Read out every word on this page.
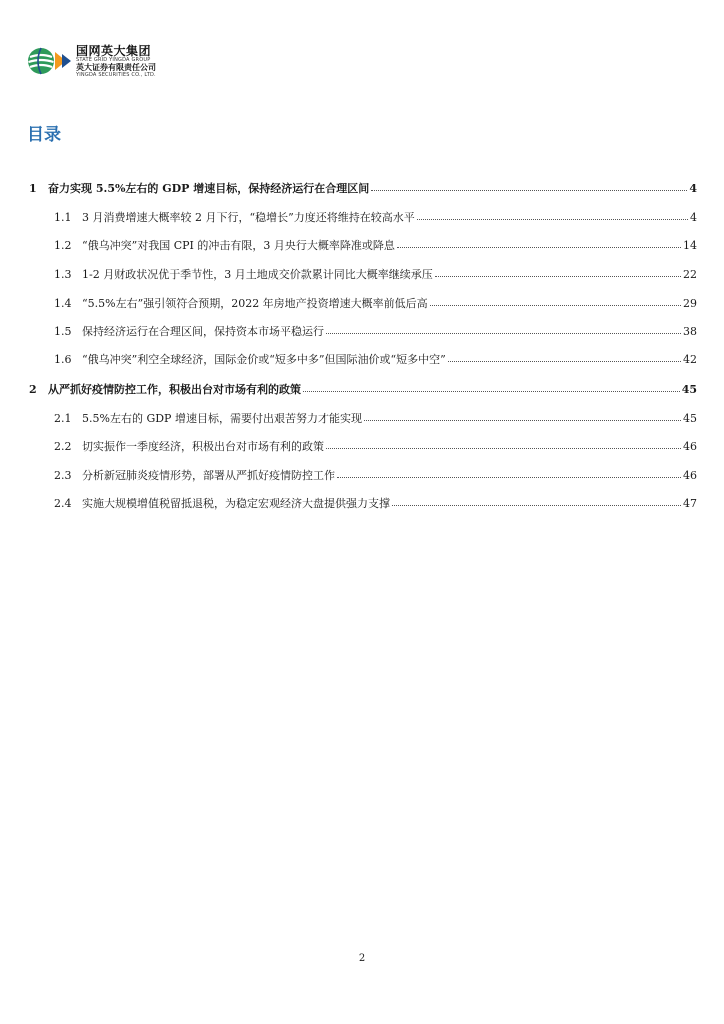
国网英大集团
STATE GRID YINGDA GROUP
英大证券有限责任公司
YINGDA SECURITIES CO., LTD.
目录
1	奋力实现 5.5%左右的 GDP 增速目标，保持经济运行在合理区间	4
1.1 3 月消费增速大概率较 2 月下行，“稳增长”力度还将维持在较高水平	4
1.2 “俄乌冲突”对我国 CPI 的冲击有限，3 月央行大概率降准或降息	14
1.3 1-2 月财政状况优于季节性，3 月土地成交价款累计同比大概率继续承压	22
1.4 “5.5%左右”强引领符合预期，2022 年房地产投资增速大概率前低后高	29
1.5 保持经济运行在合理区间，保持资本市场平稳运行	38
1.6 “俄乌冲突”利空全球经济，国际金价或“短多中多”但国际油价或“短多中空”	42
2	从严抓好疫情防控工作，积极出台对市场有利的政策	45
2.1 5.5%左右的 GDP 增速目标，需要付出艰苦努力才能实现	45
2.2 切实振作一季度经济，积极出台对市场有利的政策	46
2.3 分析新冠肺炎疫情形势，部署从严抓好疫情防控工作	46
2.4 实施大规模增值税留抵退税，为稳定宏观经济大盘提供强力支撑	47
2
